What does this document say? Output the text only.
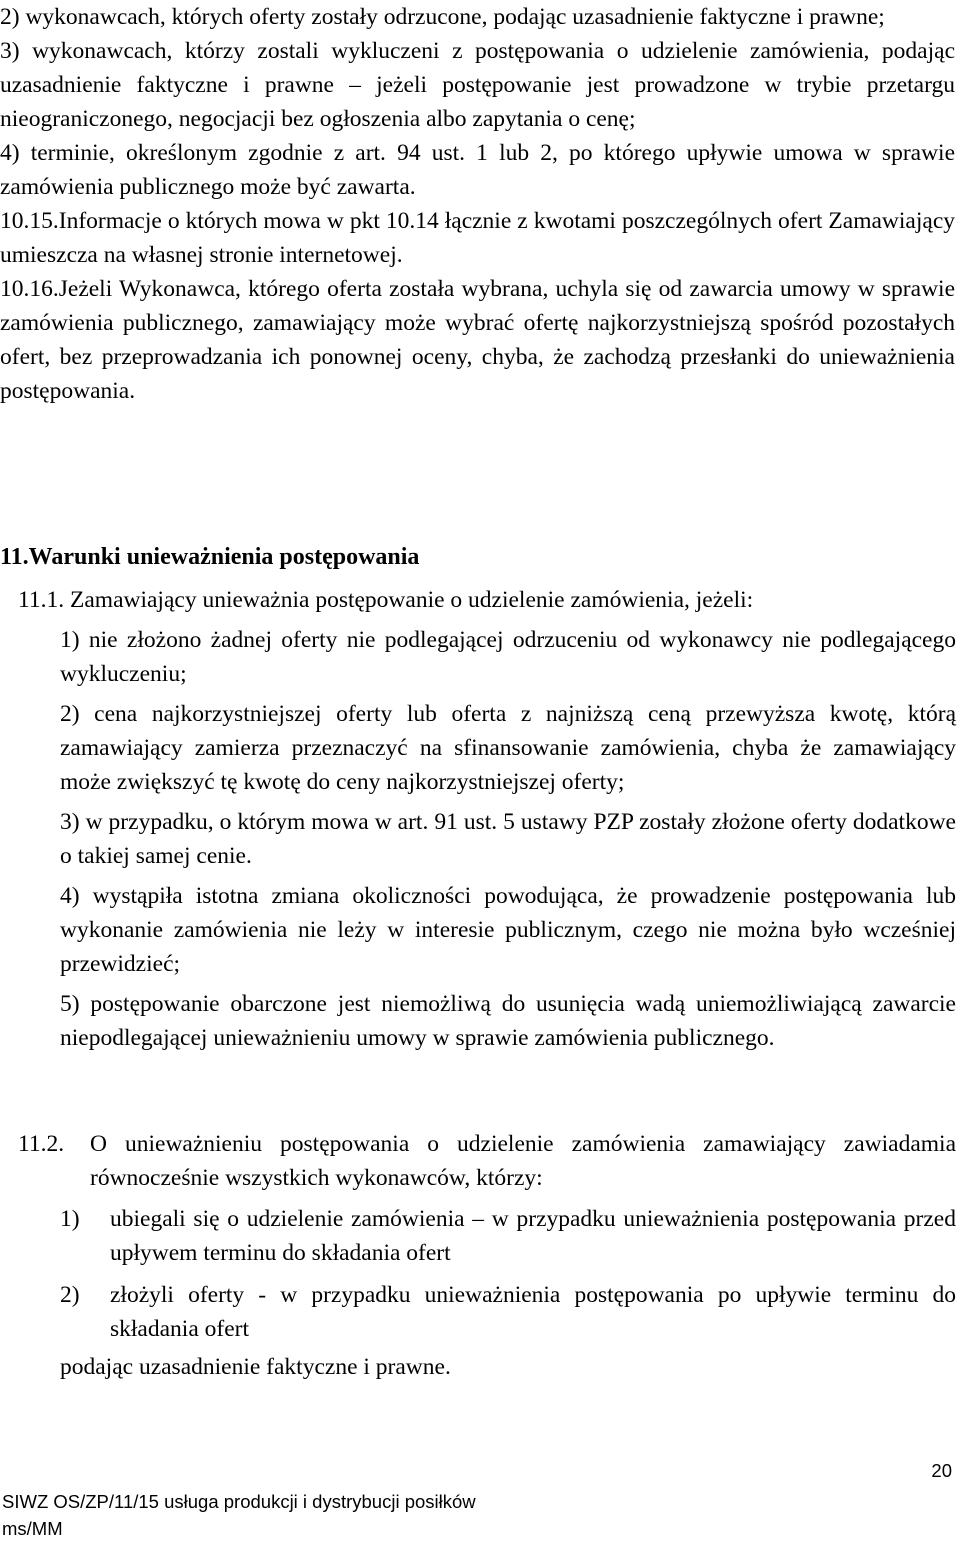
2) wykonawcach, których oferty zostały odrzucone, podając uzasadnienie faktyczne i prawne;

3) wykonawcach, którzy zostali wykluczeni z postępowania o udzielenie zamówienia, podając uzasadnienie faktyczne i prawne – jeżeli postępowanie jest prowadzone w trybie przetargu nieograniczonego, negocjacji bez ogłoszenia albo zapytania o cenę;

4) terminie, określonym zgodnie z art. 94 ust. 1 lub 2, po którego upływie umowa w sprawie zamówienia publicznego może być zawarta.

10.15.Informacje o których mowa w pkt 10.14 łącznie z kwotami poszczególnych ofert Zamawiający umieszcza na własnej stronie internetowej.

10.16.Jeżeli Wykonawca, którego oferta została wybrana, uchyla się od zawarcia umowy w sprawie zamówienia publicznego, zamawiający może wybrać ofertę najkorzystniejszą spośród pozostałych ofert, bez przeprowadzania ich ponownej oceny, chyba, że zachodzą przesłanki do unieważnienia postępowania.

11.Warunki unieważnienia postępowania

11.1. Zamawiający unieważnia postępowanie o udzielenie zamówienia, jeżeli:

1) nie złożono żadnej oferty nie podlegającej odrzuceniu od wykonawcy nie podlegającego wykluczeniu;

2) cena najkorzystniejszej oferty lub oferta z najniższą ceną przewyższa kwotę, którą zamawiający zamierza przeznaczyć na sfinansowanie zamówienia, chyba że zamawiający może zwiększyć tę kwotę do ceny najkorzystniejszej oferty;

3) w przypadku, o którym mowa w art. 91 ust. 5 ustawy PZP zostały złożone oferty dodatkowe o takiej samej cenie.

4) wystąpiła istotna zmiana okoliczności powodująca, że prowadzenie postępowania lub wykonanie zamówienia nie leży w interesie publicznym, czego nie można było wcześniej przewidzieć;

5) postępowanie obarczone jest niemożliwą do usunięcia wadą uniemożliwiającą zawarcie niepodlegającej unieważnieniu umowy w sprawie zamówienia publicznego.

11.2.	O unieważnieniu postępowania o udzielenie zamówienia zamawiający zawiadamia równocześnie wszystkich wykonawców, którzy:

1) ubiegali się o udzielenie zamówienia – w przypadku unieważnienia postępowania przed upływem terminu do składania ofert

2) złożyli oferty - w przypadku unieważnienia postępowania po upływie terminu do składania ofert

podając uzasadnienie faktyczne i prawne.
20
SIWZ OS/ZP/11/15 usługa produkcji i dystrybucji posiłków
ms/MM
